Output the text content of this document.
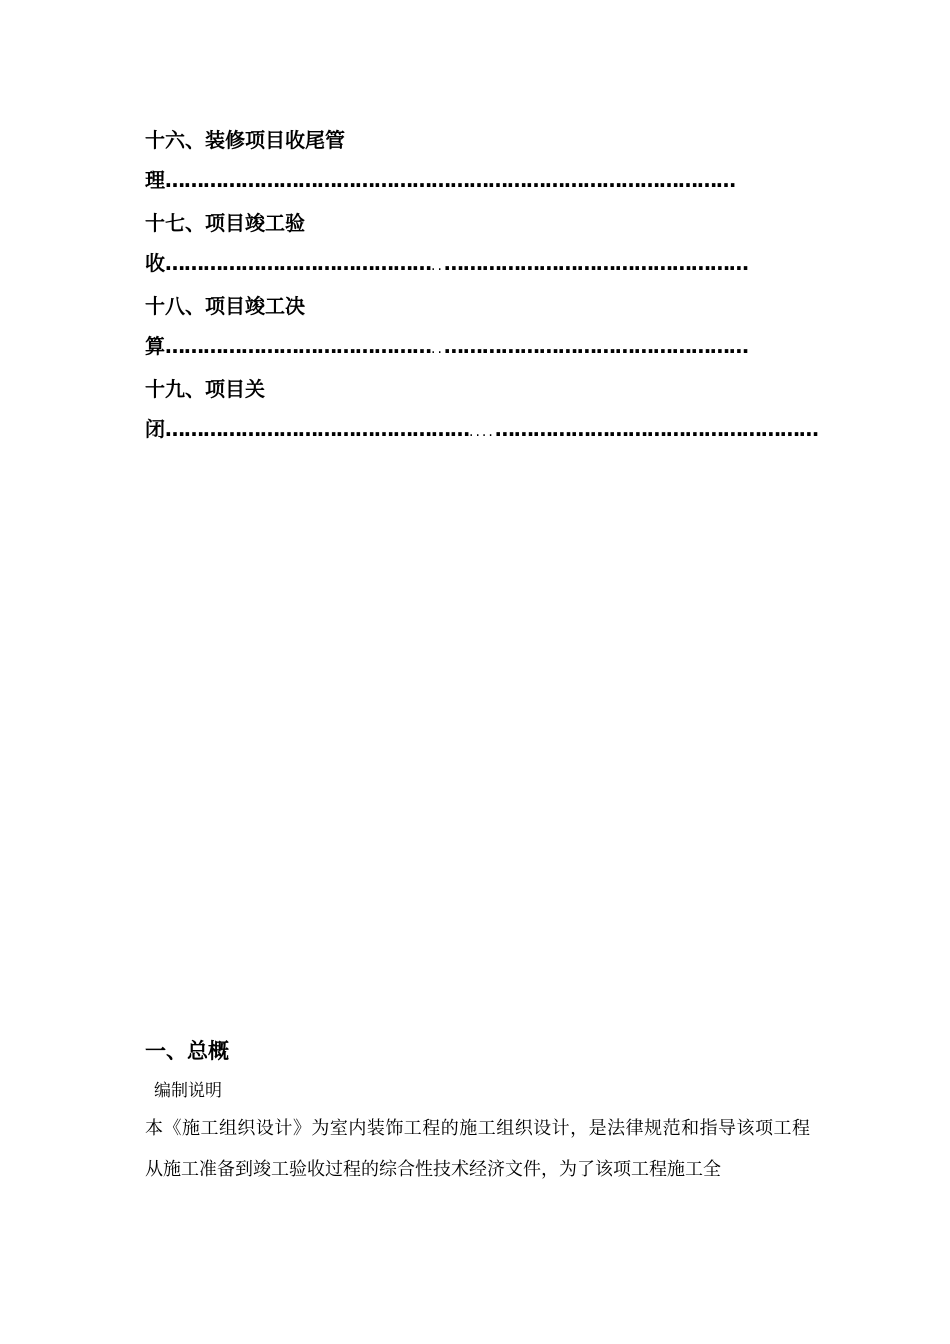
十六、装修项目收尾管理………………………………………………………………………………
十七、项目竣工验收……………………………………..…………………………………………
十八、项目竣工决算……………………………………..…………………………………………
十九、项目关闭…………………………………………....……………………………………………
一、总概
编制说明
本《施工组织设计》为室内装饰工程的施工组织设计，是法律规范和指导该项工程从施工准备到竣工验收过程的综合性技术经济文件，为了该项工程施工全
